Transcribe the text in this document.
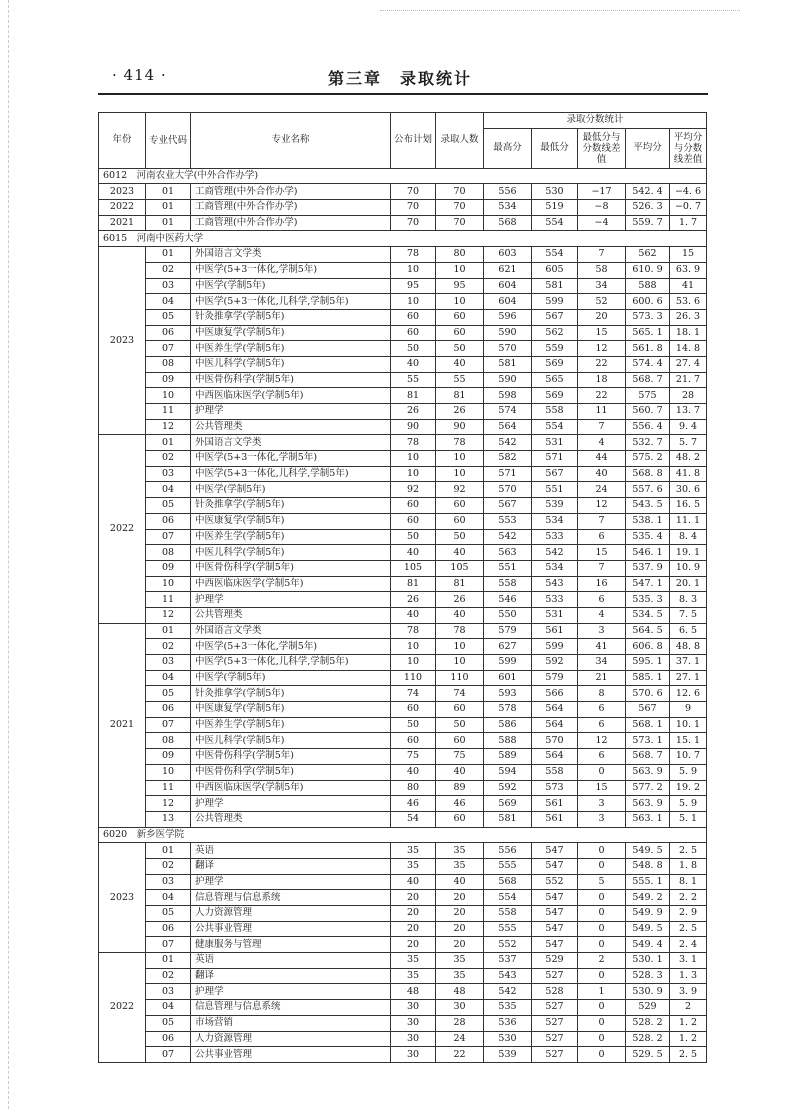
· 414 ·	第三章　录取统计
年份	专业代码	专业名称	公布计划	录取人数	录取分数统计				
					最高分	最低分	最低分与分数线差值	平均分	平均分与分数线差值
6012　河南农业大学(中外合作办学)									
2023	01	工商管理(中外合作办学)	70	70	556	530	−17	542. 4	−4. 6
2022	01	工商管理(中外合作办学)	70	70	534	519	−8	526. 3	−0. 7
2021	01	工商管理(中外合作办学)	70	70	568	554	−4	559. 7	1. 7
6015　河南中医药大学									
2023	01	外国语言文学类	78	80	603	554	7	562	15
	02	中医学(5+3一体化,学制5年)	10	10	621	605	58	610. 9	63. 9
	03	中医学(学制5年)	95	95	604	581	34	588	41
	04	中医学(5+3一体化,儿科学,学制5年)	10	10	604	599	52	600. 6	53. 6
	05	针灸推拿学(学制5年)	60	60	596	567	20	573. 3	26. 3
	06	中医康复学(学制5年)	60	60	590	562	15	565. 1	18. 1
	07	中医养生学(学制5年)	50	50	570	559	12	561. 8	14. 8
	08	中医儿科学(学制5年)	40	40	581	569	22	574. 4	27. 4
	09	中医骨伤科学(学制5年)	55	55	590	565	18	568. 7	21. 7
	10	中西医临床医学(学制5年)	81	81	598	569	22	575	28
	11	护理学	26	26	574	558	11	560. 7	13. 7
	12	公共管理类	90	90	564	554	7	556. 4	9. 4
2022	01	外国语言文学类	78	78	542	531	4	532. 7	5. 7
	02	中医学(5+3一体化,学制5年)	10	10	582	571	44	575. 2	48. 2
	03	中医学(5+3一体化,儿科学,学制5年)	10	10	571	567	40	568. 8	41. 8
	04	中医学(学制5年)	92	92	570	551	24	557. 6	30. 6
	05	针灸推拿学(学制5年)	60	60	567	539	12	543. 5	16. 5
	06	中医康复学(学制5年)	60	60	553	534	7	538. 1	11. 1
	07	中医养生学(学制5年)	50	50	542	533	6	535. 4	8. 4
	08	中医儿科学(学制5年)	40	40	563	542	15	546. 1	19. 1
	09	中医骨伤科学(学制5年)	105	105	551	534	7	537. 9	10. 9
	10	中西医临床医学(学制5年)	81	81	558	543	16	547. 1	20. 1
	11	护理学	26	26	546	533	6	535. 3	8. 3
	12	公共管理类	40	40	550	531	4	534. 5	7. 5
2021	01	外国语言文学类	78	78	579	561	3	564. 5	6. 5
	02	中医学(5+3一体化,学制5年)	10	10	627	599	41	606. 8	48. 8
	03	中医学(5+3一体化,儿科学,学制5年)	10	10	599	592	34	595. 1	37. 1
	04	中医学(学制5年)	110	110	601	579	21	585. 1	27. 1
	05	针灸推拿学(学制5年)	74	74	593	566	8	570. 6	12. 6
	06	中医康复学(学制5年)	60	60	578	564	6	567	9
	07	中医养生学(学制5年)	50	50	586	564	6	568. 1	10. 1
	08	中医儿科学(学制5年)	60	60	588	570	12	573. 1	15. 1
	09	中医骨伤科学(学制5年)	75	75	589	564	6	568. 7	10. 7
	10	中医骨伤科学(学制5年)	40	40	594	558	0	563. 9	5. 9
	11	中西医临床医学(学制5年)	80	89	592	573	15	577. 2	19. 2
	12	护理学	46	46	569	561	3	563. 9	5. 9
	13	公共管理类	54	60	581	561	3	563. 1	5. 1
6020　新乡医学院									
2023	01	英语	35	35	556	547	0	549. 5	2. 5
	02	翻译	35	35	555	547	0	548. 8	1. 8
	03	护理学	40	40	568	552	5	555. 1	8. 1
	04	信息管理与信息系统	20	20	554	547	0	549. 2	2. 2
	05	人力资源管理	20	20	558	547	0	549. 9	2. 9
	06	公共事业管理	20	20	555	547	0	549. 5	2. 5
	07	健康服务与管理	20	20	552	547	0	549. 4	2. 4
2022	01	英语	35	35	537	529	2	530. 1	3. 1
	02	翻译	35	35	543	527	0	528. 3	1. 3
	03	护理学	48	48	542	528	1	530. 9	3. 9
	04	信息管理与信息系统	30	30	535	527	0	529	2
	05	市场营销	30	28	536	527	0	528. 2	1. 2
	06	人力资源管理	30	24	530	527	0	528. 2	1. 2
	07	公共事业管理	30	22	539	527	0	529. 5	2. 5
